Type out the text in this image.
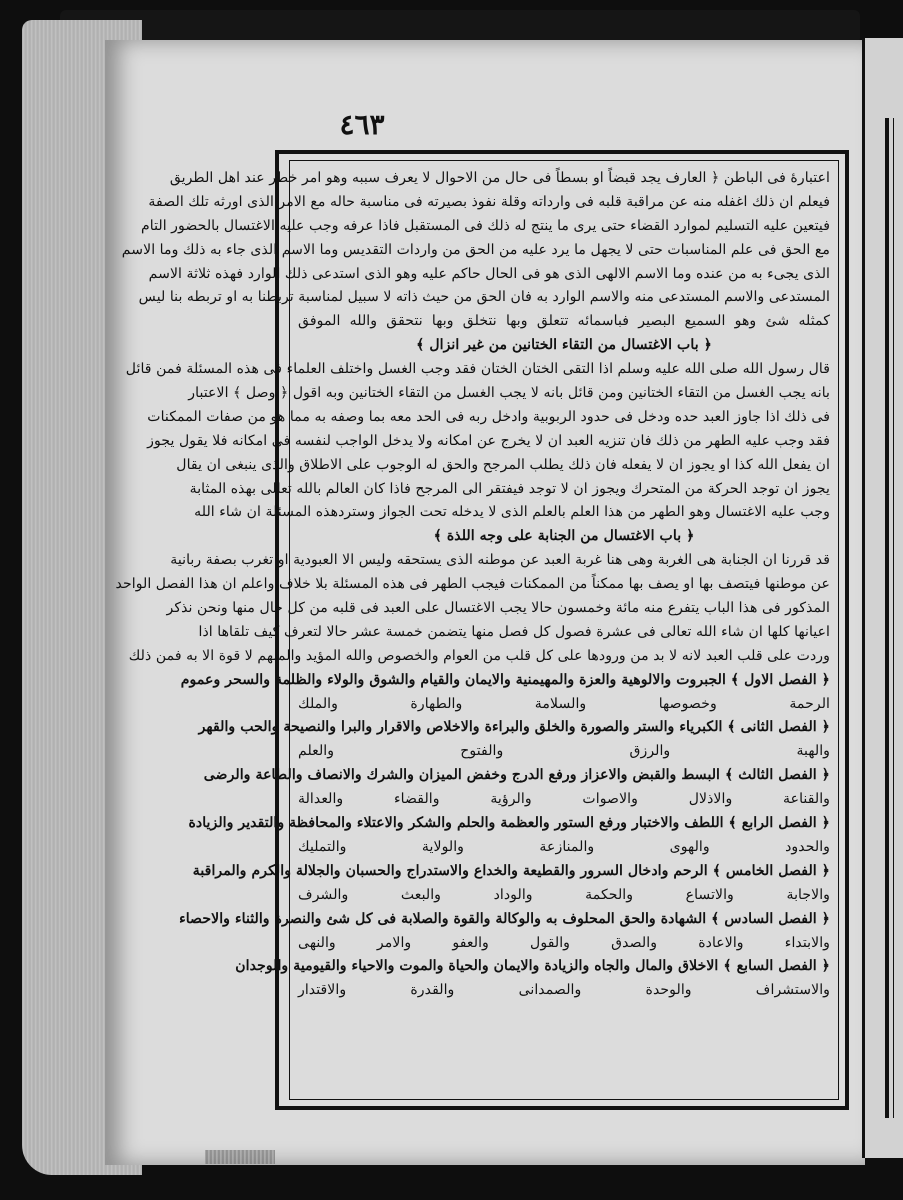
٤٦٣
اعتبارهٔ فى الباطن ﴿ العارف يجد قبضاً او بسطاً فى حال من الاحوال لا يعرف سببه وهو امر خطر عند اهل الطريق
فيعلم ان ذلك اغفله منه عن مراقبة قلبه فى وارداته وقلة نفوذ بصيرته فى مناسبة حاله مع الامر الذى اورثه تلك الصفة
فيتعين عليه التسليم لموارد القضاء حتى يرى ما ينتج له ذلك فى المستقبل فاذا عرفه وجب عليه الاغتسال بالحضور التام
مع الحق فى علم المناسبات حتى لا يجهل ما يرد عليه من الحق من واردات التقديس وما الاسم الذى جاء به ذلك وما الاسم
الذى يجىء به من عنده وما الاسم الالهى الذى هو فى الحال حاكم عليه وهو الذى استدعى ذلك الوارد فهذه ثلاثة الاسم
المستدعى والاسم المستدعى منه والاسم الوارد به فان الحق من حيث ذاته لا سبيل لمناسبة تربطنا به او تربطه بنا ليس
كمثله شئ وهو السميع البصير فباسمائه تتعلق وبها نتخلق وبها نتحقق والله الموفق
﴿ باب الاغتسال من التقاء الختانين من غير انزال ﴾
قال رسول الله صلى الله عليه وسلم اذا التقى الختان الختان فقد وجب الغسل واختلف العلماء فى هذه المسئلة فمن قائل
بانه يجب الغسل من التقاء الختانين ومن قائل بانه لا يجب الغسل من التقاء الختانين وبه اقول ﴿ وصل ﴾ الاعتبار
فى ذلك اذا جاوز العبد حده ودخل فى حدود الربوبية وادخل ربه فى الحد معه بما وصفه به مما هو من صفات الممكنات
فقد وجب عليه الطهر من ذلك فان تنزيه العبد ان لا يخرج عن امكانه ولا يدخل الواجب لنفسه فى امكانه فلا يقول يجوز
ان يفعل الله كذا او يجوز ان لا يفعله فان ذلك يطلب المرجح والحق له الوجوب على الاطلاق والذى ينبغى ان يقال
يجوز ان توجد الحركة من المتحرك ويجوز ان لا توجد فيفتقر الى المرجح فاذا كان العالم بالله تعالى بهذه المثابة
وجب عليه الاغتسال وهو الطهر من هذا العلم بالعلم الذى لا يدخله تحت الجواز وستردهذه المسئلة ان شاء الله
﴿ باب الاغتسال من الجنابة على وجه اللذة ﴾
قد قررنا ان الجنابة هى الغربة وهى هنا غربة العبد عن موطنه الذى يستحقه وليس الا العبودية او تغرب بصفة ربانية
عن موطنها فيتصف بها او يصف بها ممكناً من الممكنات فيجب الطهر فى هذه المسئلة بلا خلاف واعلم ان هذا الفصل الواحد
المذكور فى هذا الباب يتفرع منه مائة وخمسون حالا يجب الاغتسال على العبد فى قلبه من كل حال منها ونحن نذكر
اعيانها كلها ان شاء الله تعالى فى عشرة فصول كل فصل منها يتضمن خمسة عشر حالا لتعرف كيف تلقاها اذا
وردت على قلب العبد لانه لا بد من ورودها على كل قلب من العوام والخصوص والله المؤيد والملهم لا قوة الا به فمن ذلك
﴿ الفصل الاول ﴾ الجبروت والالوهية والعزة والمهيمنية والايمان والقيام والشوق والولاء والظلمة والسحر وعموم
الرحمة وخصوصها والسلامة والطهارة والملك
﴿ الفصل الثانى ﴾ الكبرياء والستر والصورة والخلق والبراءة والاخلاص والاقرار والبرا والنصيحة والحب والقهر
والهبة والرزق والفتوح والعلم
﴿ الفصل الثالث ﴾ البسط والقبض والاعزاز ورفع الدرج وخفض الميزان والشرك والانصاف والطاعة والرضى
والقناعة والاذلال والاصوات والرؤية والقضاء والعدالة
﴿ الفصل الرابع ﴾ اللطف والاختبار ورفع الستور والعظمة والحلم والشكر والاعتلاء والمحافظة والتقدير والزيادة
والحدود والهوى والمنازعة والولاية والتمليك
﴿ الفصل الخامس ﴾ الرحم وادخال السرور والقطيعة والخداع والاستدراج والحسبان والجلالة والكرم والمراقبة
والاجابة والاتساع والحكمة والوداد والبعث والشرف
﴿ الفصل السادس ﴾ الشهادة والحق المحلوف به والوكالة والقوة والصلابة فى كل شئ والنصرة والثناء والاحصاء
والابتداء والاعادة والصدق والقول والعفو والامر والنهى
﴿ الفصل السابع ﴾ الاخلاق والمال والجاه والزيادة والايمان والحياة والموت والاحياء والقيومية والوجدان
والاستشراف والوحدة والصمدانى والقدرة والاقتدار
